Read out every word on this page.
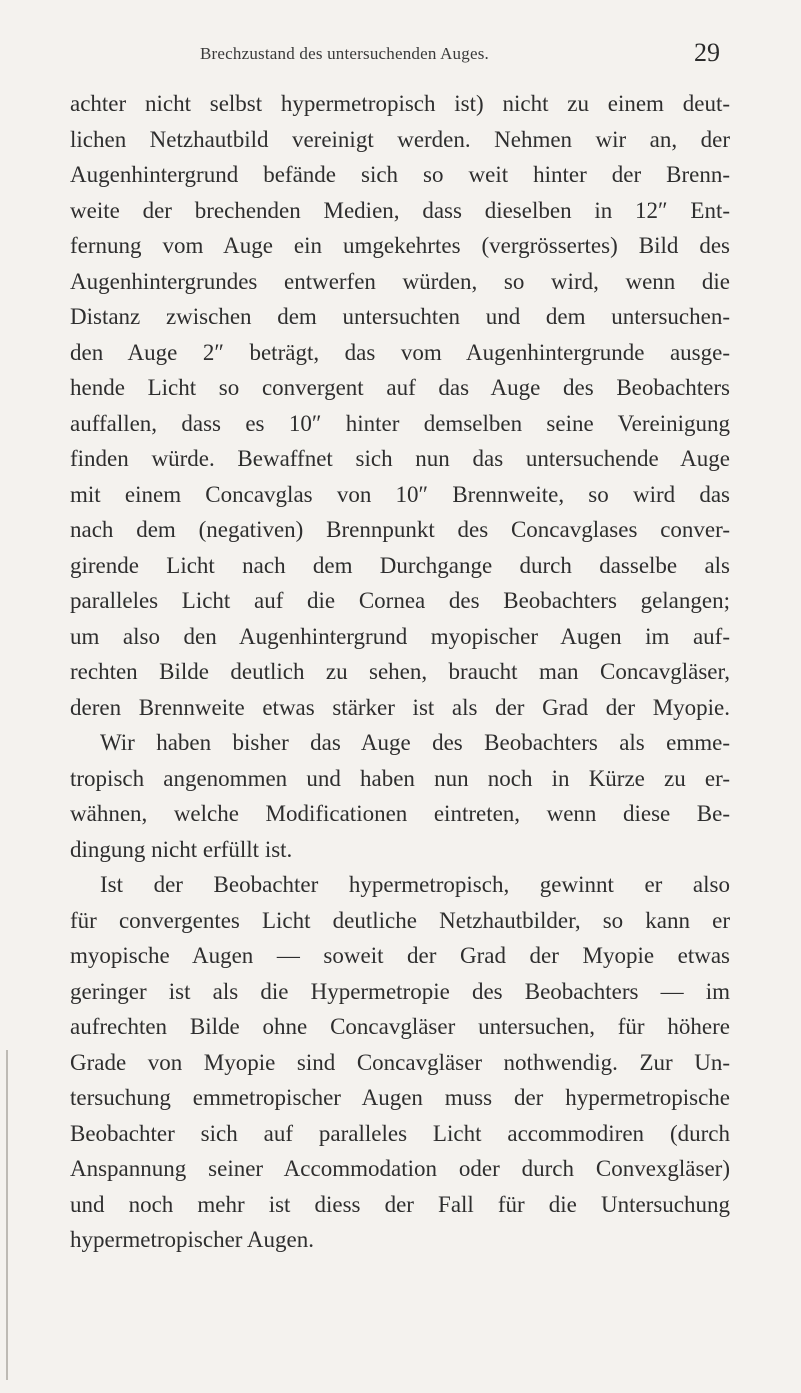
Brechzustand des untersuchenden Auges.	29
achter nicht selbst hypermetropisch ist) nicht zu einem deut-
lichen Netzhautbild vereinigt werden. Nehmen wir an, der
Augenhintergrund befände sich so weit hinter der Brenn-
weite der brechenden Medien, dass dieselben in 12″ Ent-
fernung vom Auge ein umgekehrtes (vergrössertes) Bild des
Augenhintergrundes entwerfen würden, so wird, wenn die
Distanz zwischen dem untersuchten und dem untersuchen-
den Auge 2″ beträgt, das vom Augenhintergrunde ausge-
hende Licht so convergent auf das Auge des Beobachters
auffallen, dass es 10″ hinter demselben seine Vereinigung
finden würde. Bewaffnet sich nun das untersuchende Auge
mit einem Concavglas von 10″ Brennweite, so wird das
nach dem (negativen) Brennpunkt des Concavglases conver-
girende Licht nach dem Durchgange durch dasselbe als
paralleles Licht auf die Cornea des Beobachters gelangen;
um also den Augenhintergrund myopischer Augen im auf-
rechten Bilde deutlich zu sehen, braucht man Concavgläser,
deren Brennweite etwas stärker ist als der Grad der Myopie.
Wir haben bisher das Auge des Beobachters als emme-
tropisch angenommen und haben nun noch in Kürze zu er-
wähnen, welche Modificationen eintreten, wenn diese Be-
dingung nicht erfüllt ist.
Ist der Beobachter hypermetropisch, gewinnt er also
für convergentes Licht deutliche Netzhautbilder, so kann er
myopische Augen — soweit der Grad der Myopie etwas
geringer ist als die Hypermetropie des Beobachters — im
aufrechten Bilde ohne Concavgläser untersuchen, für höhere
Grade von Myopie sind Concavgläser nothwendig. Zur Un-
tersuchung emmetropischer Augen muss der hypermetropische
Beobachter sich auf paralleles Licht accommodiren (durch
Anspannung seiner Accommodation oder durch Convexgläser)
und noch mehr ist diess der Fall für die Untersuchung
hypermetropischer Augen.
